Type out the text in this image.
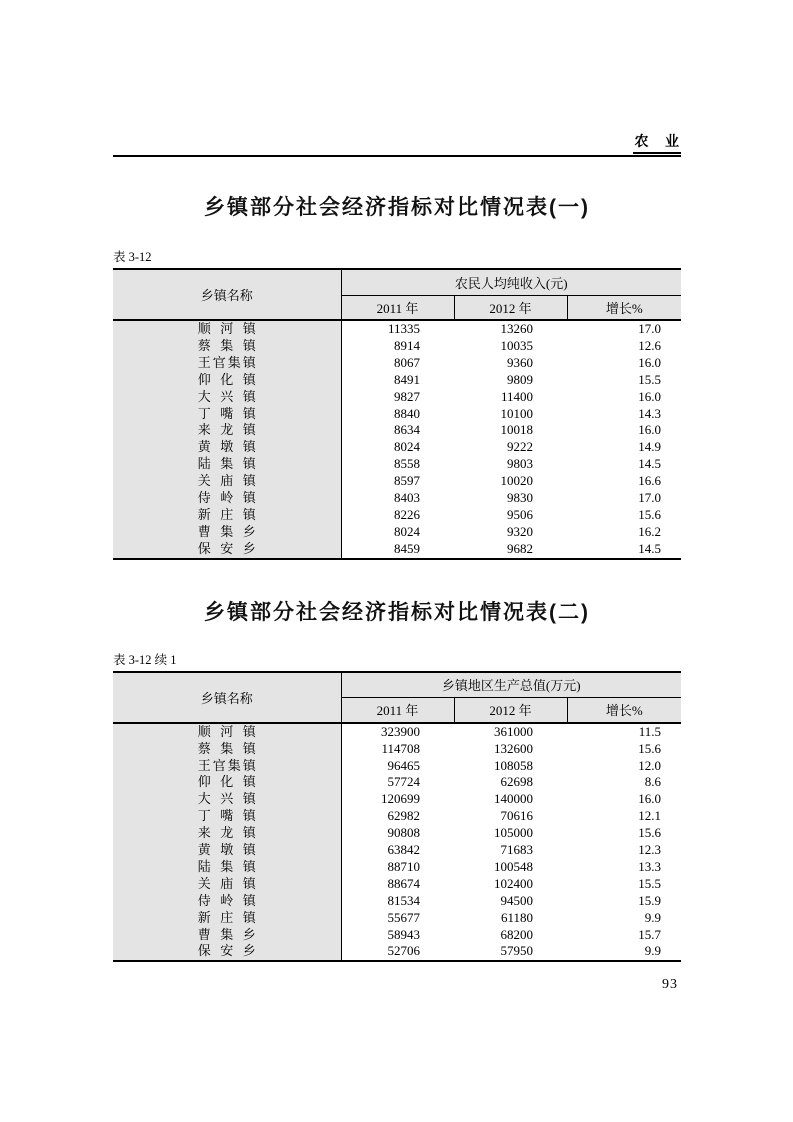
农 业
乡镇部分社会经济指标对比情况表(一)
表 3-12
乡镇名称	农民人均纯收入(元)		
	2011 年	2012 年	增长%
顺河镇	11335	13260	17.0
蔡集镇	8914	10035	12.6
王官集镇	8067	9360	16.0
仰化镇	8491	9809	15.5
大兴镇	9827	11400	16.0
丁嘴镇	8840	10100	14.3
来龙镇	8634	10018	16.0
黄墩镇	8024	9222	14.9
陆集镇	8558	9803	14.5
关庙镇	8597	10020	16.6
侍岭镇	8403	9830	17.0
新庄镇	8226	9506	15.6
曹集乡	8024	9320	16.2
保安乡	8459	9682	14.5
乡镇部分社会经济指标对比情况表(二)
表 3-12 续 1
乡镇名称	乡镇地区生产总值(万元)		
	2011 年	2012 年	增长%
顺河镇	323900	361000	11.5
蔡集镇	114708	132600	15.6
王官集镇	96465	108058	12.0
仰化镇	57724	62698	8.6
大兴镇	120699	140000	16.0
丁嘴镇	62982	70616	12.1
来龙镇	90808	105000	15.6
黄墩镇	63842	71683	12.3
陆集镇	88710	100548	13.3
关庙镇	88674	102400	15.5
侍岭镇	81534	94500	15.9
新庄镇	55677	61180	9.9
曹集乡	58943	68200	15.7
保安乡	52706	57950	9.9
93
